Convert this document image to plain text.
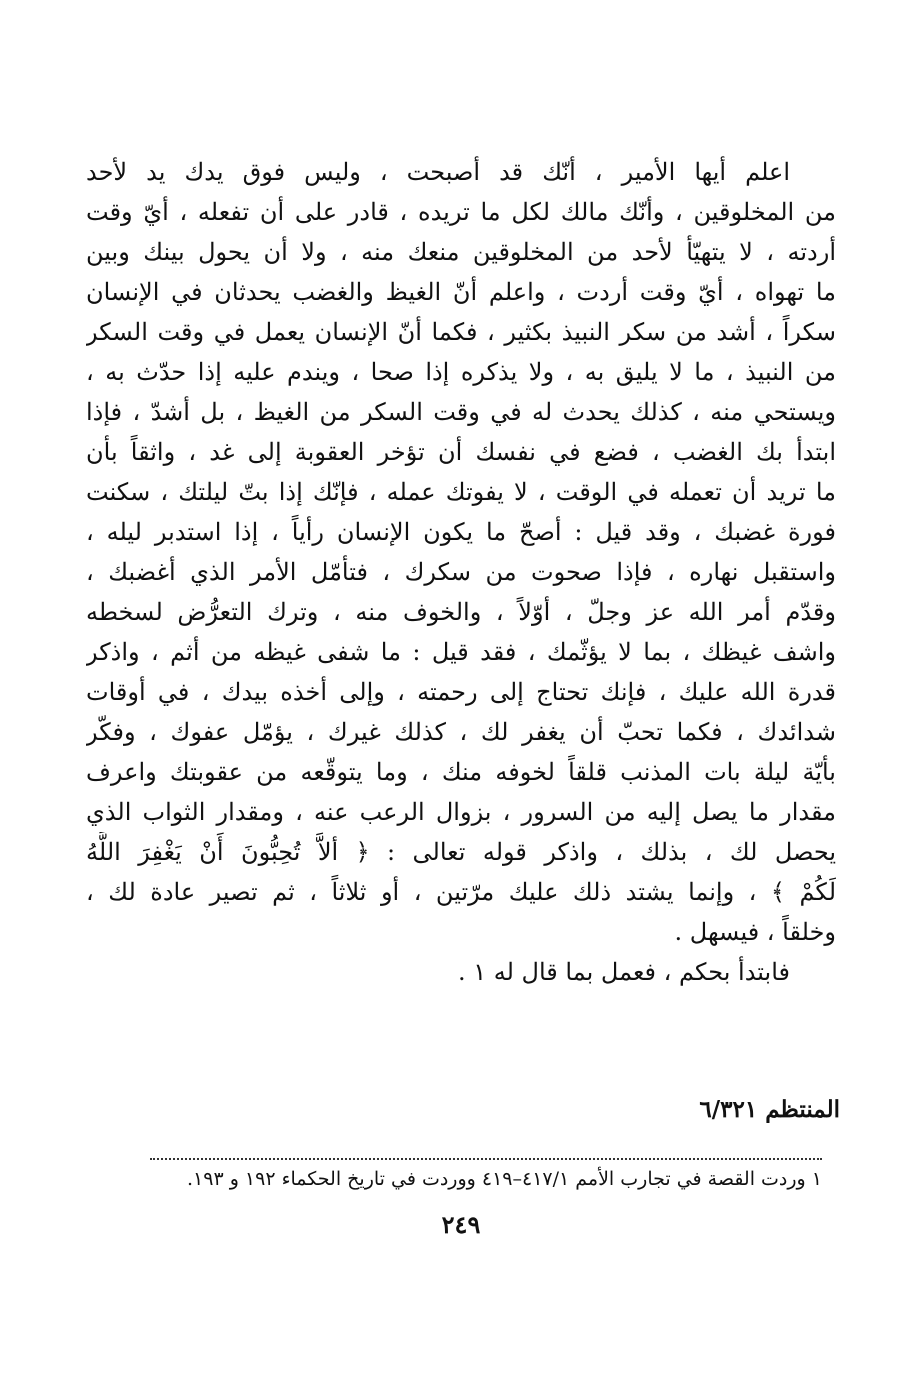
اعلم أيها الأمير ، أنّك قد أصبحت ، وليس فوق يدك يد لأحد
من المخلوقين ، وأنّك مالك لكل ما تريده ، قادر على أن تفعله ، أيّ وقت
أردته ، لا يتهيّأ لأحد من المخلوقين منعك منه ، ولا أن يحول بينك وبين
ما تهواه ، أيّ وقت أردت ، واعلم أنّ الغيظ والغضب يحدثان في الإنسان
سكراً ، أشد من سكر النبيذ بكثير ، فكما أنّ الإنسان يعمل في وقت السكر
من النبيذ ، ما لا يليق به ، ولا يذكره إذا صحا ، ويندم عليه إذا حدّث به ،
ويستحي منه ، كذلك يحدث له في وقت السكر من الغيظ ، بل أشدّ ، فإذا
ابتدأ بك الغضب ، فضع في نفسك أن تؤخر العقوبة إلى غد ، واثقاً بأن
ما تريد أن تعمله في الوقت ، لا يفوتك عمله ، فإنّك إذا بتّ ليلتك ، سكنت
فورة غضبك ، وقد قيل : أصحّ ما يكون الإنسان رأياً ، إذا استدبر ليله ،
واستقبل نهاره ، فإذا صحوت من سكرك ، فتأمّل الأمر الذي أغضبك ،
وقدّم أمر الله عز وجلّ ، أوّلاً ، والخوف منه ، وترك التعرُّض لسخطه
واشف غيظك ، بما لا يؤثّمك ، فقد قيل : ما شفى غيظه من أثم ، واذكر
قدرة الله عليك ، فإنك تحتاج إلى رحمته ، وإلى أخذه بيدك ، في أوقات
شدائدك ، فكما تحبّ أن يغفر لك ، كذلك غيرك ، يؤمّل عفوك ، وفكّر
بأيّة ليلة بات المذنب قلقاً لخوفه منك ، وما يتوقّعه من عقوبتك واعرف
مقدار ما يصل إليه من السرور ، بزوال الرعب عنه ، ومقدار الثواب الذي
يحصل لك ، بذلك ، واذكر قوله تعالى : ﴿ ألاَّ تُحِبُّونَ أَنْ يَغْفِرَ اللَّهُ
لَكُمْ ﴾ ، وإنما يشتد ذلك عليك مرّتين ، أو ثلاثاً ، ثم تصير عادة لك ،
وخلقاً ، فيسهل .
فابتدأ بحكم ، فعمل بما قال له ١ .
المنتظم ٦/٣٢١
١ وردت القصة في تجارب الأمم ٤١٧/١–٤١٩ ووردت في تاريخ الحكماء ١٩٢ و ١٩٣.
٢٤٩
